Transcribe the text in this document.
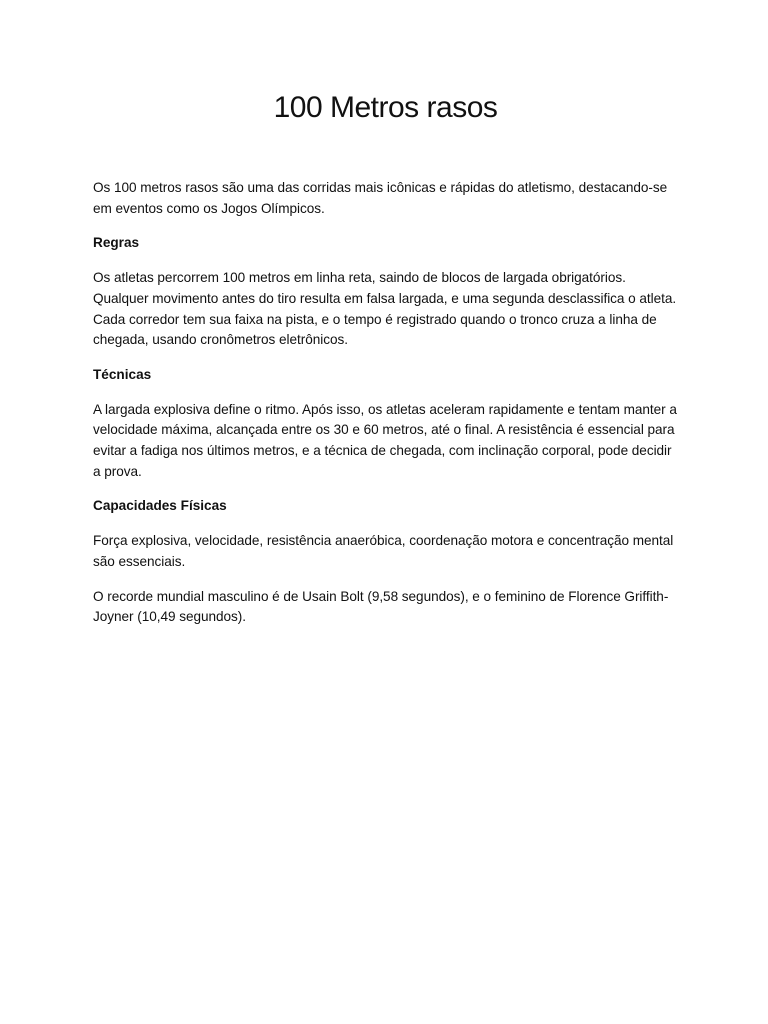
100 Metros rasos

Os 100 metros rasos são uma das corridas mais icônicas e rápidas do atletismo, destacando-se em eventos como os Jogos Olímpicos.

Regras

Os atletas percorrem 100 metros em linha reta, saindo de blocos de largada obrigatórios. Qualquer movimento antes do tiro resulta em falsa largada, e uma segunda desclassifica o atleta. Cada corredor tem sua faixa na pista, e o tempo é registrado quando o tronco cruza a linha de chegada, usando cronômetros eletrônicos.

Técnicas

A largada explosiva define o ritmo. Após isso, os atletas aceleram rapidamente e tentam manter a velocidade máxima, alcançada entre os 30 e 60 metros, até o final. A resistência é essencial para evitar a fadiga nos últimos metros, e a técnica de chegada, com inclinação corporal, pode decidir a prova.

Capacidades Físicas

Força explosiva, velocidade, resistência anaeróbica, coordenação motora e concentração mental são essenciais.

O recorde mundial masculino é de Usain Bolt (9,58 segundos), e o feminino de Florence Griffith-Joyner (10,49 segundos).
